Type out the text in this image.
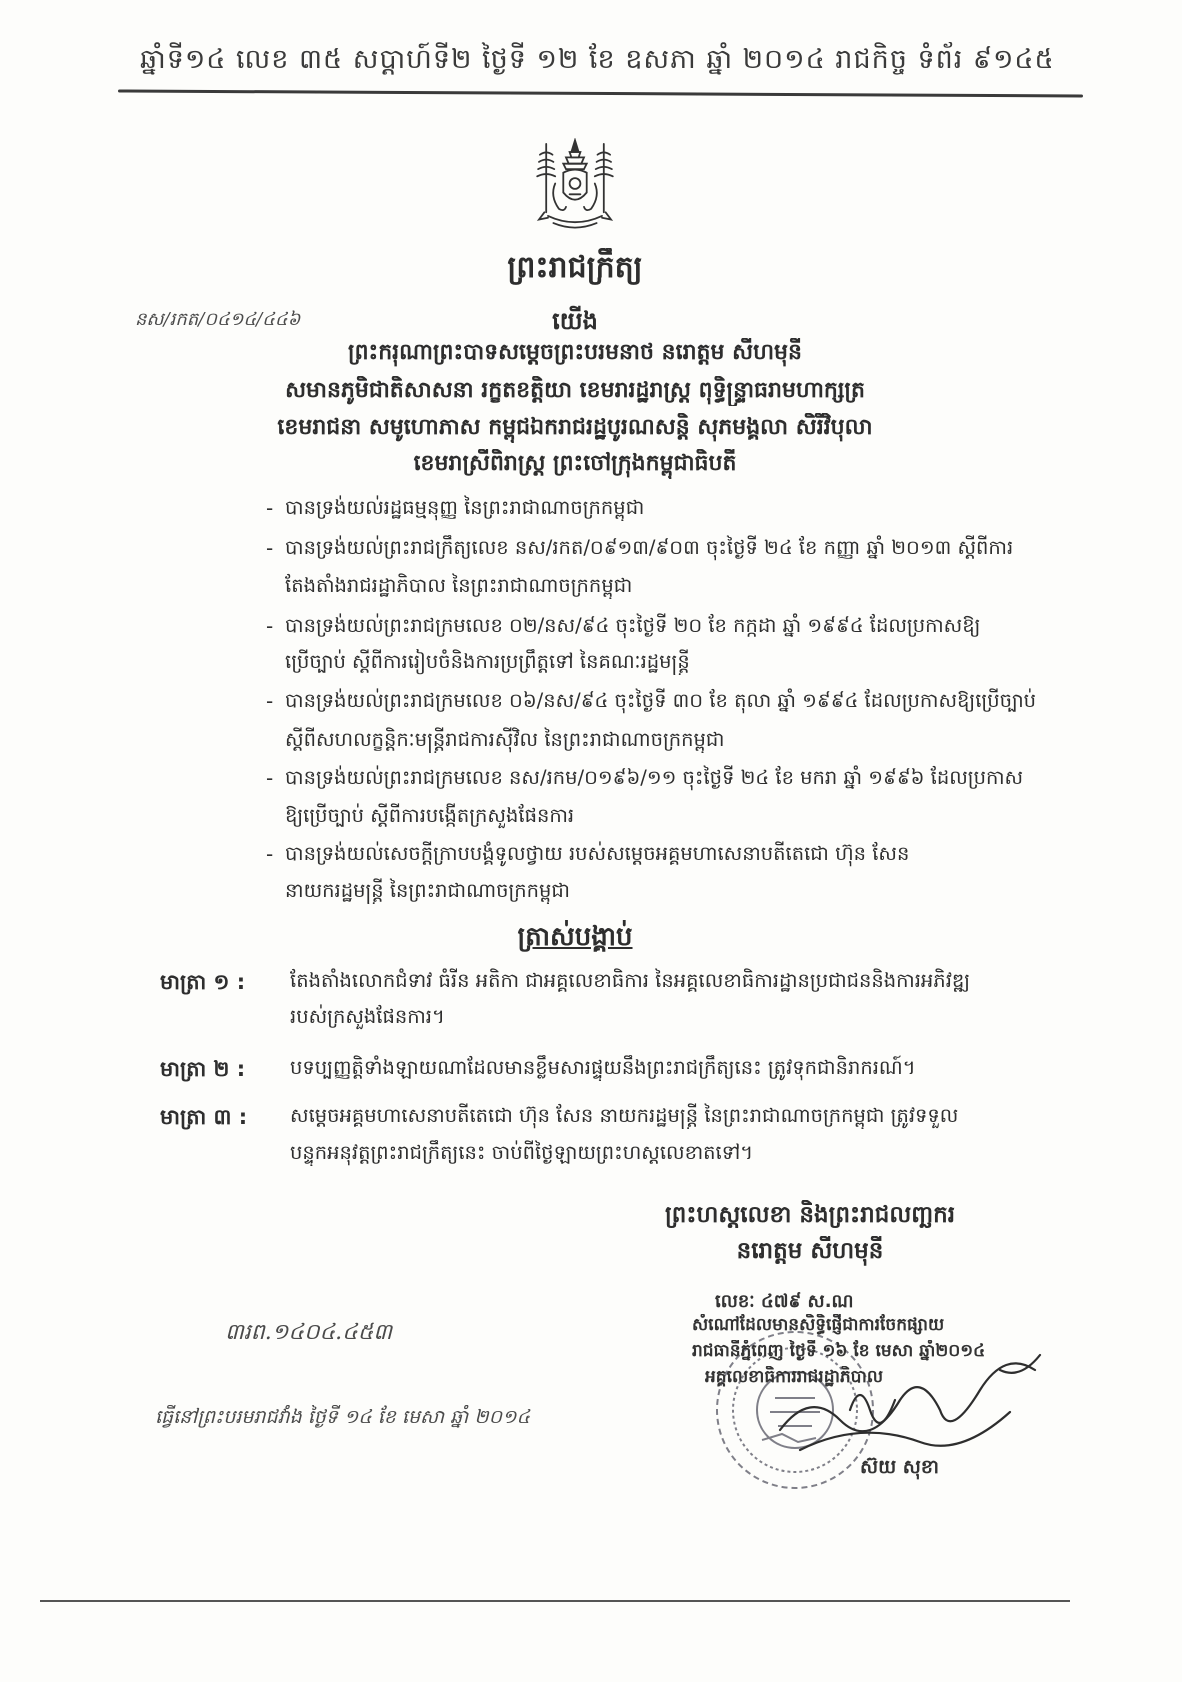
ឆ្នាំទី១៤ លេខ ៣៥ សប្តាហ៍ទី២ ថ្ងៃទី ១២ ខែ ឧសភា ឆ្នាំ ២០១៤ រាជកិច្ច ទំព័រ ៩១៤៥
ព្រះរាជក្រឹត្យ
នស/រកត/០៤១៤/៤៤៦	យើង
ព្រះករុណាព្រះបាទសម្តេចព្រះបរមនាថ នរោត្តម សីហមុនី
សមានភូមិជាតិសាសនា រក្ខតខត្តិយា ខេមរារដ្ឋរាស្ត្រ ពុទ្ធិន្ទ្រាធរាមហាក្សត្រ
ខេមរាជនា សមូហោភាស កម្ពុជឯករាជរដ្ឋបូរណសន្តិ សុភមង្គលា សិរីវិបុលា
ខេមរាស្រីពិរាស្ត្រ ព្រះចៅក្រុងកម្ពុជាធិបតី
- បានទ្រង់យល់រដ្ឋធម្មនុញ្ញ នៃព្រះរាជាណាចក្រកម្ពុជា
- បានទ្រង់យល់ព្រះរាជក្រឹត្យលេខ នស/រកត/០៩១៣/៩០៣ ចុះថ្ងៃទី ២៤ ខែ កញ្ញា ឆ្នាំ ២០១៣ ស្តីពីការ
តែងតាំងរាជរដ្ឋាភិបាល នៃព្រះរាជាណាចក្រកម្ពុជា
- បានទ្រង់យល់ព្រះរាជក្រមលេខ ០២/នស/៩៤ ចុះថ្ងៃទី ២០ ខែ កក្កដា ឆ្នាំ ១៩៩៤ ដែលប្រកាសឱ្យ
ប្រើច្បាប់ ស្តីពីការរៀបចំនិងការប្រព្រឹត្តទៅ នៃគណៈរដ្ឋមន្ត្រី
- បានទ្រង់យល់ព្រះរាជក្រមលេខ ០៦/នស/៩៤ ចុះថ្ងៃទី ៣០ ខែ តុលា ឆ្នាំ ១៩៩៤ ដែលប្រកាសឱ្យប្រើច្បាប់
ស្តីពីសហលក្ខន្តិកៈមន្ត្រីរាជការស៊ីវិល នៃព្រះរាជាណាចក្រកម្ពុជា
- បានទ្រង់យល់ព្រះរាជក្រមលេខ នស/រកម/០១៩៦/១១ ចុះថ្ងៃទី ២៤ ខែ មករា ឆ្នាំ ១៩៩៦ ដែលប្រកាស
ឱ្យប្រើច្បាប់ ស្តីពីការបង្កើតក្រសួងផែនការ
- បានទ្រង់យល់សេចក្តីក្រាបបង្គំទូលថ្វាយ របស់សម្តេចអគ្គមហាសេនាបតីតេជោ ហ៊ុន សែន
នាយករដ្ឋមន្ត្រី នៃព្រះរាជាណាចក្រកម្ពុជា
ត្រាស់បង្គាប់
មាត្រា ១ :	តែងតាំងលោកជំទាវ ធំរីន អតិកា ជាអគ្គលេខាធិការ នៃអគ្គលេខាធិការដ្ឋានប្រជាជននិងការអភិវឌ្ឍ
របស់ក្រសួងផែនការ។
មាត្រា ២ :	បទប្បញ្ញត្តិទាំងឡាយណាដែលមានខ្លឹមសារផ្ទុយនឹងព្រះរាជក្រឹត្យនេះ ត្រូវទុកជានិរាករណ៍។
មាត្រា ៣ :	សម្តេចអគ្គមហាសេនាបតីតេជោ ហ៊ុន សែន នាយករដ្ឋមន្ត្រី នៃព្រះរាជាណាចក្រកម្ពុជា ត្រូវទទួល
បន្ទុកអនុវត្តព្រះរាជក្រឹត្យនេះ ចាប់ពីថ្ងៃឡាយព្រះហស្តលេខាតទៅ។
ព្រះហស្តលេខា និងព្រះរាជលញ្ឆករ
នរោត្តម សីហមុនី
៣រព.១៤០៤.៤៥៣
លេខៈ ៤៧៩ ស.ណ
សំណៅដែលមានសិទ្ធិផ្ញើជាការចែកផ្សាយ
រាជធានីភ្នំពេញ ថ្ងៃទី ១៦ ខែ មេសា ឆ្នាំ២០១៤
អគ្គលេខាធិការរាជរដ្ឋាភិបាល
ស៊យ សុខា
ធ្វើនៅព្រះបរមរាជវាំង ថ្ងៃទី ១៤ ខែ មេសា ឆ្នាំ ២០១៤
